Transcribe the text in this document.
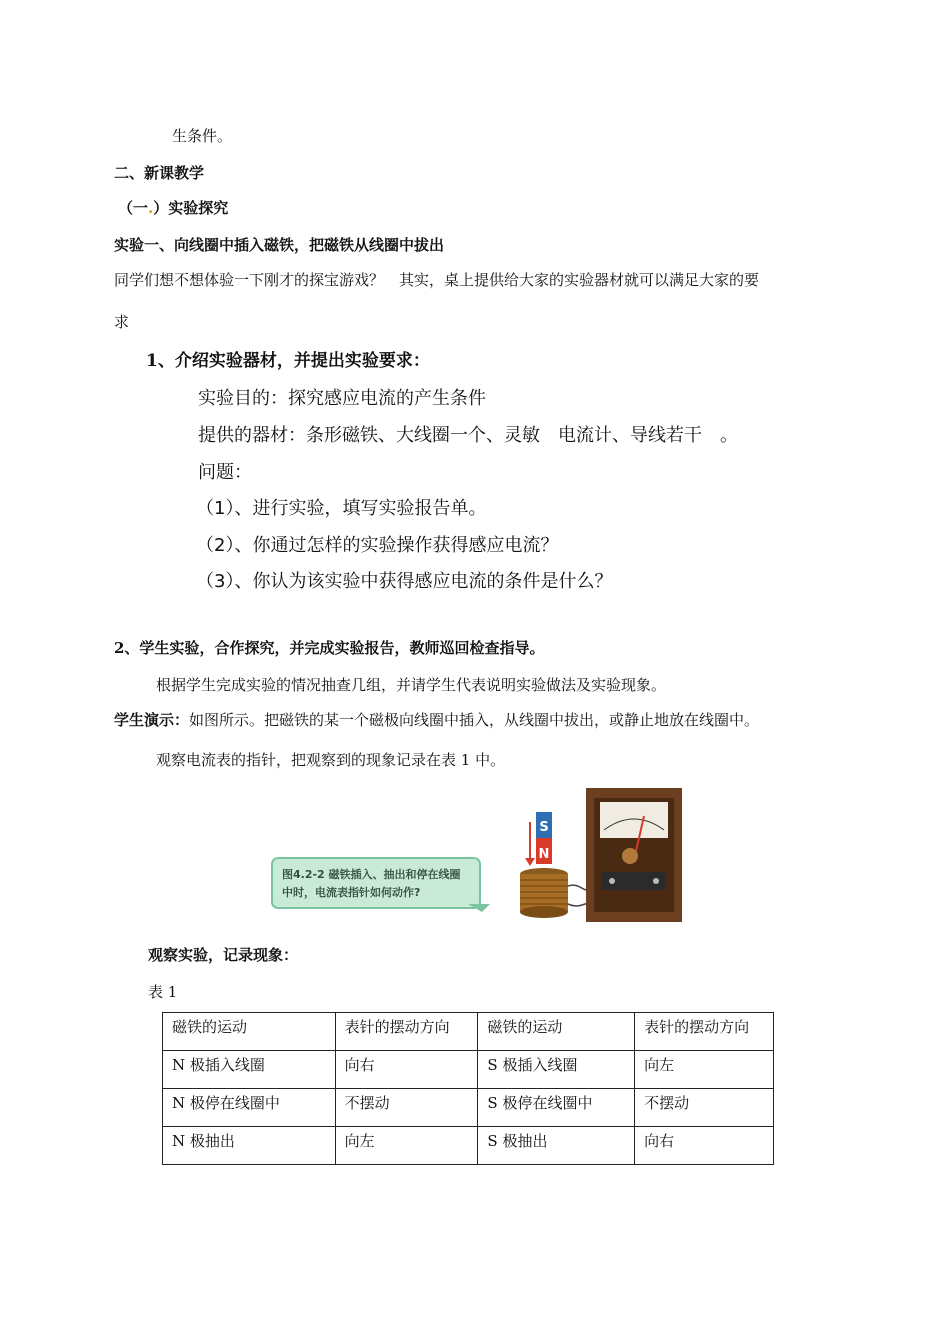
生条件。
二、新课教学
（一.）实验探究
实验一、向线圈中插入磁铁，把磁铁从线圈中拔出
同学们想不想体验一下刚才的探宝游戏？　其实，桌上提供给大家的实验器材就可以满足大家的要
求
1、介绍实验器材，并提出实验要求：
实验目的：探究感应电流的产生条件
提供的器材：条形磁铁、大线圈一个、灵敏　电流计、导线若干　。
问题：
（1）、进行实验，填写实验报告单。
（2）、你通过怎样的实验操作获得感应电流？
（3）、你认为该实验中获得感应电流的条件是什么？
2、学生实验，合作探究，并完成实验报告，教师巡回检查指导。
根据学生完成实验的情况抽查几组，并请学生代表说明实验做法及实验现象。
学生演示：如图所示。把磁铁的某一个磁极向线圈中插入，从线圈中拔出，或静止地放在线圈中。
观察电流表的指针，把观察到的现象记录在表 1 中。
图4.2-2 磁铁插入、抽出和停在线圈
中时，电流表指针如何动作?
S
N
观察实验，记录现象：
表 1
磁铁的运动	表针的摆动方向	磁铁的运动	表针的摆动方向
N 极插入线圈	向右	S 极插入线圈	向左
N 极停在线圈中	不摆动	S 极停在线圈中	不摆动
N 极抽出	向左	S 极抽出	向右
